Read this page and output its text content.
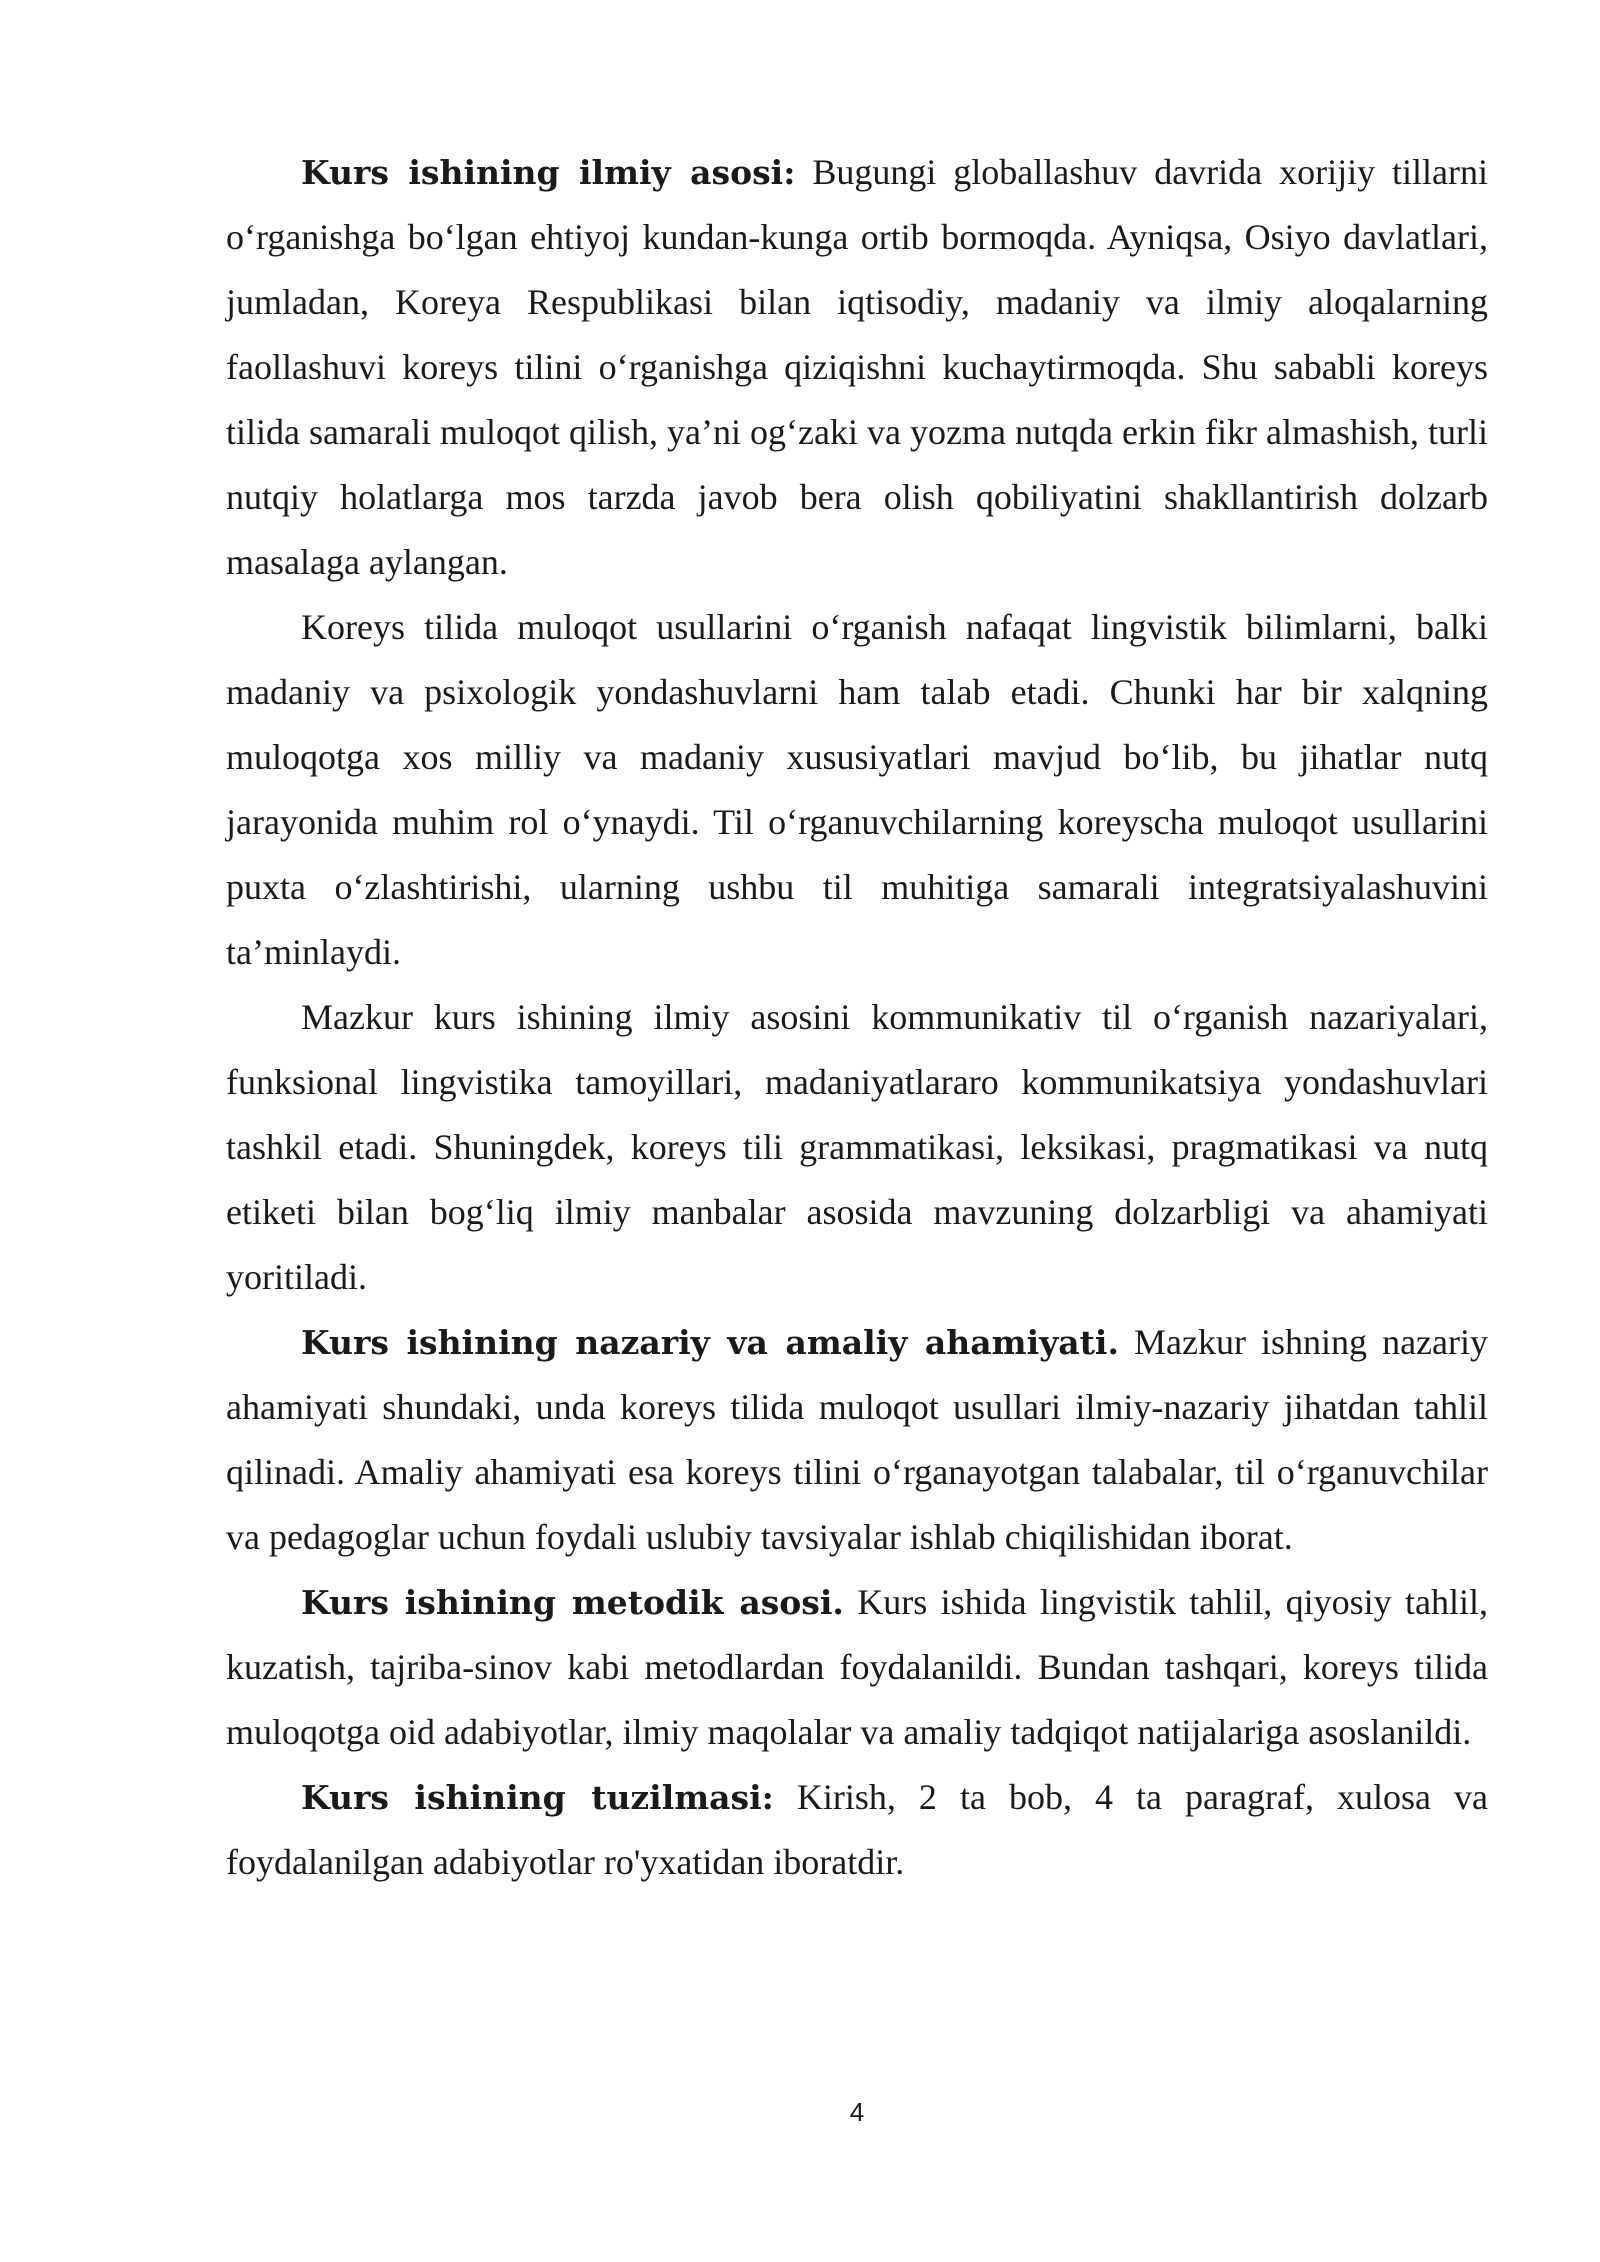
Kurs ishining ilmiy asosi: Bugungi globallashuv davrida xorijiy tillarni o‘rganishga bo‘lgan ehtiyoj kundan-kunga ortib bormoqda. Ayniqsa, Osiyo davlatlari, jumladan, Koreya Respublikasi bilan iqtisodiy, madaniy va ilmiy aloqalarning faollashuvi koreys tilini o‘rganishga qiziqishni kuchaytirmoqda. Shu sababli koreys tilida samarali muloqot qilish, ya’ni og‘zaki va yozma nutqda erkin fikr almashish, turli nutqiy holatlarga mos tarzda javob bera olish qobiliyatini shakllantirish dolzarb masalaga aylangan.

Koreys tilida muloqot usullarini o‘rganish nafaqat lingvistik bilimlarni, balki madaniy va psixologik yondashuvlarni ham talab etadi. Chunki har bir xalqning muloqotga xos milliy va madaniy xususiyatlari mavjud bo‘lib, bu jihatlar nutq jarayonida muhim rol o‘ynaydi. Til o‘rganuvchilarning koreyscha muloqot usullarini puxta o‘zlashtirishi, ularning ushbu til muhitiga samarali integratsiyalashuvini ta’minlaydi.

Mazkur kurs ishining ilmiy asosini kommunikativ til o‘rganish nazariyalari, funksional lingvistika tamoyillari, madaniyatlararo kommunikatsiya yondashuvlari tashkil etadi. Shuningdek, koreys tili grammatikasi, leksikasi, pragmatikasi va nutq etiketi bilan bog‘liq ilmiy manbalar asosida mavzuning dolzarbligi va ahamiyati yoritiladi.

Kurs ishining nazariy va amaliy ahamiyati. Mazkur ishning nazariy ahamiyati shundaki, unda koreys tilida muloqot usullari ilmiy-nazariy jihatdan tahlil qilinadi. Amaliy ahamiyati esa koreys tilini o‘rganayotgan talabalar, til o‘rganuvchilar va pedagoglar uchun foydali uslubiy tavsiyalar ishlab chiqilishidan iborat.

Kurs ishining metodik asosi. Kurs ishida lingvistik tahlil, qiyosiy tahlil, kuzatish, tajriba-sinov kabi metodlardan foydalanildi. Bundan tashqari, koreys tilida muloqotga oid adabiyotlar, ilmiy maqolalar va amaliy tadqiqot natijalariga asoslanildi.

Kurs ishining tuzilmasi: Kirish, 2 ta bob, 4 ta paragraf, xulosa va foydalanilgan adabiyotlar ro'yxatidan iboratdir.

4
